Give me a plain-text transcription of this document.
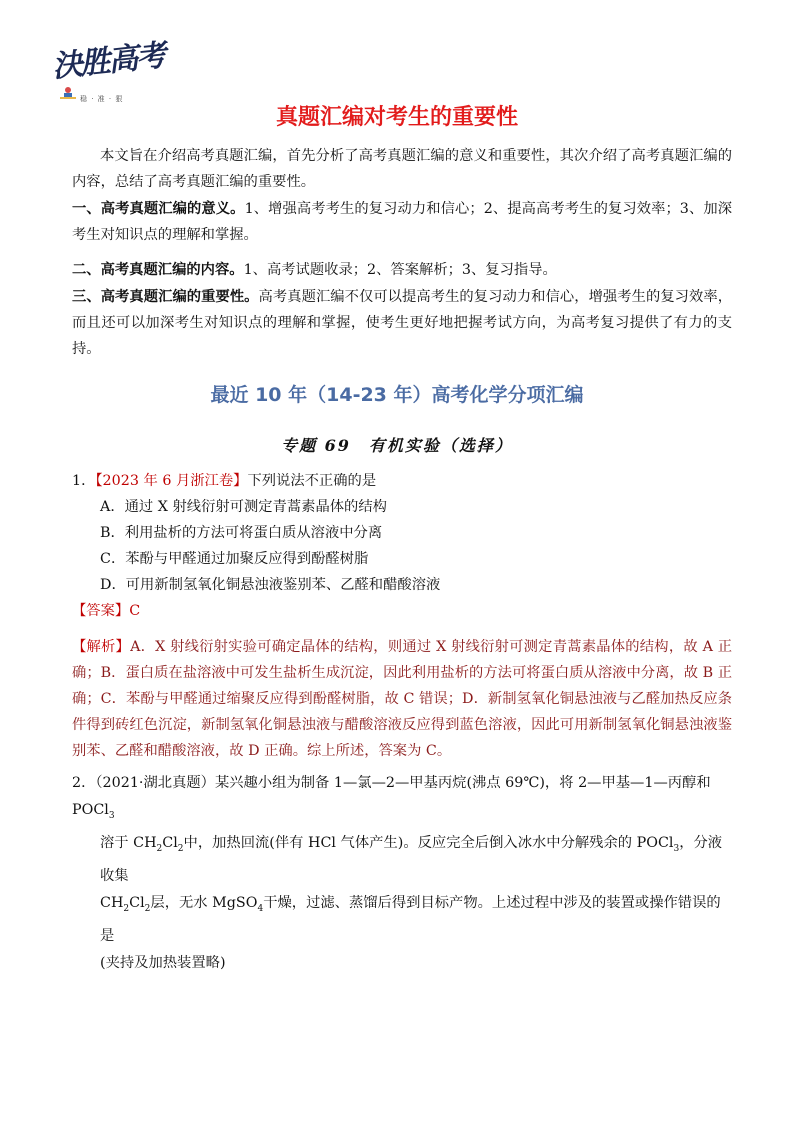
決胜高考
稳 · 准 · 狠
真题汇编对考生的重要性

本文旨在介绍高考真题汇编，首先分析了高考真题汇编的意义和重要性，其次介绍了高考真题汇编的内容，总结了高考真题汇编的重要性。

一、高考真题汇编的意义。1、增强高考考生的复习动力和信心；2、提高高考考生的复习效率；3、加深考生对知识点的理解和掌握。

二、高考真题汇编的内容。1、高考试题收录；2、答案解析；3、复习指导。

三、高考真题汇编的重要性。高考真题汇编不仅可以提高考生的复习动力和信心，增强考生的复习效率，而且还可以加深考生对知识点的理解和掌握，使考生更好地把握考试方向，为高考复习提供了有力的支持。

最近 10 年（14-23 年）高考化学分项汇编
专题 69　有机实验（选择）
1．【2023 年 6 月浙江卷】下列说法不正确的是
A．通过 X 射线衍射可测定青蒿素晶体的结构
B．利用盐析的方法可将蛋白质从溶液中分离
C．苯酚与甲醛通过加聚反应得到酚醛树脂
D．可用新制氢氧化铜悬浊液鉴别苯、乙醛和醋酸溶液
【答案】C
【解析】A．X 射线衍射实验可确定晶体的结构，则通过 X 射线衍射可测定青蒿素晶体的结构，故 A 正确；B．蛋白质在盐溶液中可发生盐析生成沉淀，因此利用盐析的方法可将蛋白质从溶液中分离，故 B 正确；C．苯酚与甲醛通过缩聚反应得到酚醛树脂，故 C 错误；D．新制氢氧化铜悬浊液与乙醛加热反应条件得到砖红色沉淀，新制氢氧化铜悬浊液与醋酸溶液反应得到蓝色溶液，因此可用新制氢氧化铜悬浊液鉴别苯、乙醛和醋酸溶液，故 D 正确。综上所述，答案为 C。
2．（2021·湖北真题）某兴趣小组为制备 1—氯—2—甲基丙烷(沸点 69℃)，将 2—甲基—1—丙醇和 POCl$_3$
溶于 $CH_2Cl_2$中，加热回流(伴有 HCl 气体产生)。反应完全后倒入冰水中分解残余的 POCl$_3$，分液收集
$CH_2Cl_2$层，无水 MgSO$_4$干燥，过滤、蒸馏后得到目标产物。上述过程中涉及的装置或操作错误的是
(夹持及加热装置略)
